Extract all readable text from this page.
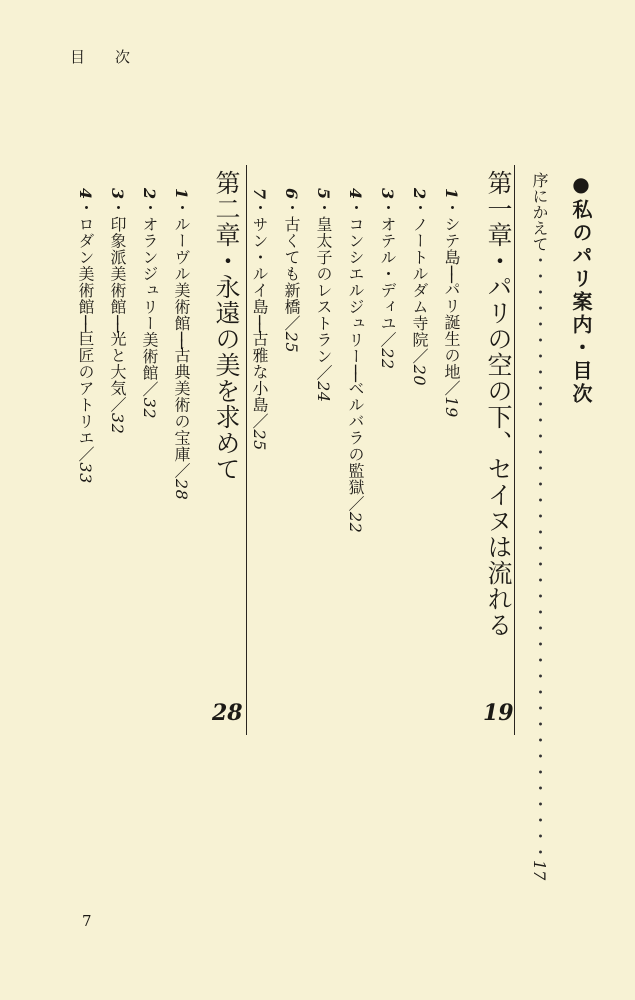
目次
●私のパリ案内・目次
序にかえて・・・・・・・・・・・・・・・・・・・・・・・・・・・・・・・・・・・・・・17
第一章・パリの空の下、セイヌは流れる
19
1・シテ島──パリ誕生の地／19
2・ノートルダム寺院／20
3・オテル・ディユ／22
4・コンシエルジュリー──ベルバラの監獄／22
5・皇太子のレストラン／24
6・古くても新橋／25
7・サン・ルイ島──古雅な小島／25
第二章・永遠の美を求めて
28
1・ルーヴル美術館──古典美術の宝庫／28
2・オランジュリー美術館／32
3・印象派美術館──光と大気／32
4・ロダン美術館──巨匠のアトリエ／33
7
